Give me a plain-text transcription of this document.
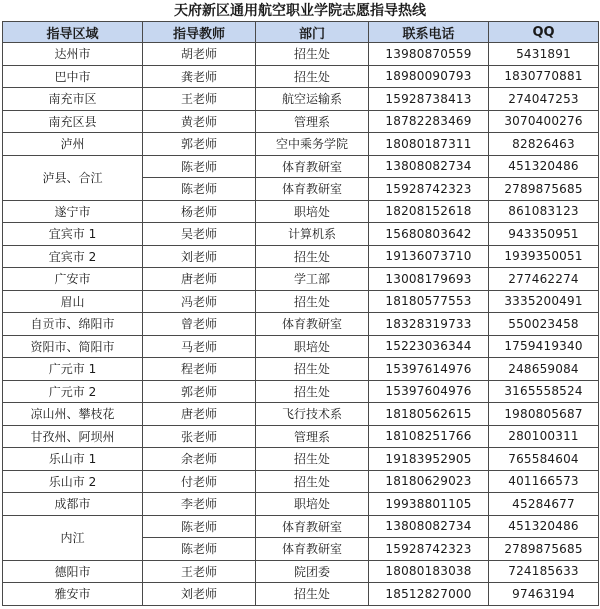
天府新区通用航空职业学院志愿指导热线
指导区域	指导教师	部门	联系电话	QQ
达州市	胡老师	招生处	13980870559	5431891
巴中市	龚老师	招生处	18980090793	1830770881
南充市区	王老师	航空运输系	15928738413	274047253
南充区县	黄老师	管理系	18782283469	3070400276
泸州	郭老师	空中乘务学院	18080187311	82826463
泸县、合江	陈老师	体育教研室	13808082734	451320486
	陈老师	体育教研室	15928742323	2789875685
遂宁市	杨老师	职培处	18208152618	861083123
宜宾市 1	吴老师	计算机系	15680803642	943350951
宜宾市 2	刘老师	招生处	19136073710	1939350051
广安市	唐老师	学工部	13008179693	277462274
眉山	冯老师	招生处	18180577553	3335200491
自贡市、绵阳市	曾老师	体育教研室	18328319733	550023458
资阳市、简阳市	马老师	职培处	15223036344	1759419340
广元市 1	程老师	招生处	15397614976	248659084
广元市 2	郭老师	招生处	15397604976	3165558524
凉山州、攀枝花	唐老师	飞行技术系	18180562615	1980805687
甘孜州、阿坝州	张老师	管理系	18108251766	280100311
乐山市 1	余老师	招生处	19183952905	765584604
乐山市 2	付老师	招生处	18180629023	401166573
成都市	李老师	职培处	19938801105	45284677
内江	陈老师	体育教研室	13808082734	451320486
	陈老师	体育教研室	15928742323	2789875685
德阳市	王老师	院团委	18080183038	724185633
雅安市	刘老师	招生处	18512827000	97463194
